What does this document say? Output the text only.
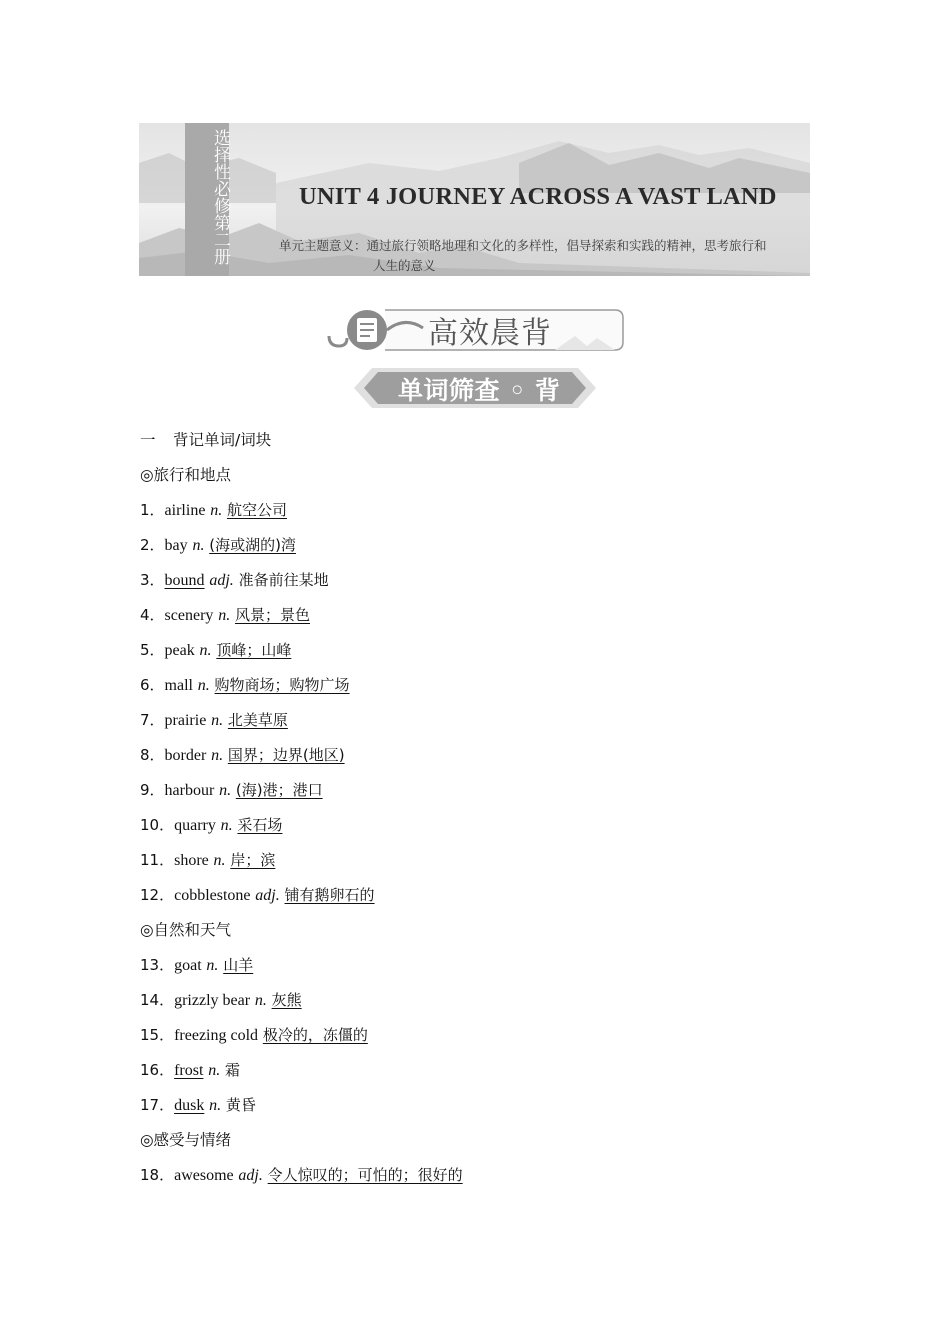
选择性必修第二册	UNIT 4 JOURNEY ACROSS A VAST LAND
单元主题意义：通过旅行领略地理和文化的多样性，倡导探索和实践的精神，思考旅行和
人生的意义
高效晨背
单词筛查 ◦ 背
一 背记单词/词块
◎旅行和地点
1．airline n. 航空公司
2．bay n. (海或湖的)湾
3．bound adj. 准备前往某地
4．scenery n. 风景；景色
5．peak n. 顶峰；山峰
6．mall n. 购物商场；购物广场
7．prairie n. 北美草原
8．border n. 国界；边界(地区)
9．harbour n. (海)港；港口
10．quarry n. 采石场
11．shore n. 岸；滨
12．cobblestone adj. 铺有鹅卵石的
◎自然和天气
13．goat n. 山羊
14．grizzly bear n. 灰熊
15．freezing cold 极冷的，冻僵的
16．frost n. 霜
17．dusk n. 黄昏
◎感受与情绪
18．awesome adj. 令人惊叹的；可怕的；很好的
